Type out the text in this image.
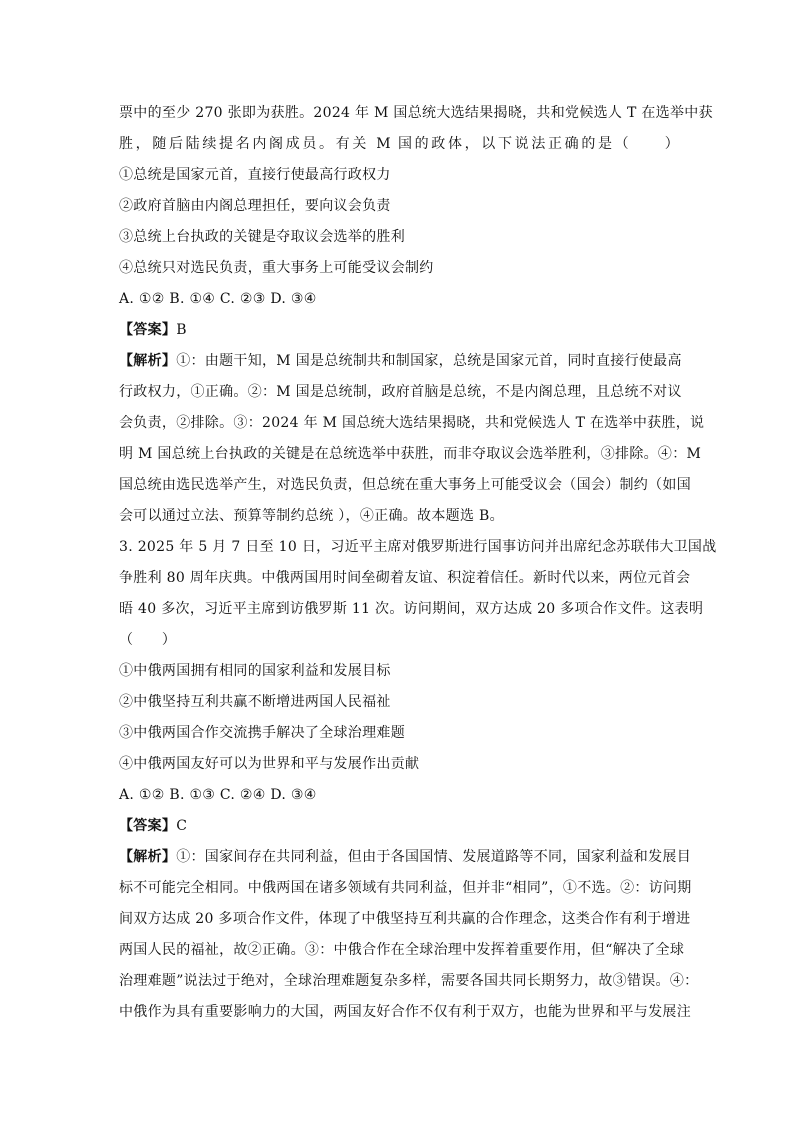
票中的至少 270 张即为获胜。2024 年 M 国总统大选结果揭晓，共和党候选人 T 在选举中获
胜，随后陆续提名内阁成员。有关 M 国的政体，以下说法正确的是（　　）
①总统是国家元首，直接行使最高行政权力
②政府首脑由内阁总理担任，要向议会负责
③总统上台执政的关键是夺取议会选举的胜利
④总统只对选民负责，重大事务上可能受议会制约
A. ①② B. ①④ C. ②③ D. ③④
【答案】B
【解析】①：由题干知，M 国是总统制共和制国家，总统是国家元首，同时直接行使最高
行政权力，①正确。②：M 国是总统制，政府首脑是总统，不是内阁总理，且总统不对议
会负责，②排除。③：2024 年 M 国总统大选结果揭晓，共和党候选人 T 在选举中获胜，说
明 M 国总统上台执政的关键是在总统选举中获胜，而非夺取议会选举胜利，③排除。④：M
国总统由选民选举产生，对选民负责，但总统在重大事务上可能受议会（国会）制约（如国
会可以通过立法、预算等制约总统 ），④正确。故本题选 B。
3. 2025 年 5 月 7 日至 10 日，习近平主席对俄罗斯进行国事访问并出席纪念苏联伟大卫国战
争胜利 80 周年庆典。中俄两国用时间垒砌着友谊、积淀着信任。新时代以来，两位元首会
晤 40 多次，习近平主席到访俄罗斯 11 次。访问期间，双方达成 20 多项合作文件。这表明
（　　）
①中俄两国拥有相同的国家利益和发展目标
②中俄坚持互利共赢不断增进两国人民福祉
③中俄两国合作交流携手解决了全球治理难题
④中俄两国友好可以为世界和平与发展作出贡献
A. ①② B. ①③ C. ②④ D. ③④
【答案】C
【解析】①：国家间存在共同利益，但由于各国国情、发展道路等不同，国家利益和发展目
标不可能完全相同。中俄两国在诸多领域有共同利益，但并非“相同”，①不选。②：访问期
间双方达成 20 多项合作文件，体现了中俄坚持互利共赢的合作理念，这类合作有利于增进
两国人民的福祉，故②正确。③：中俄合作在全球治理中发挥着重要作用，但“解决了全球
治理难题”说法过于绝对，全球治理难题复杂多样，需要各国共同长期努力，故③错误。④：
中俄作为具有重要影响力的大国，两国友好合作不仅有利于双方，也能为世界和平与发展注
